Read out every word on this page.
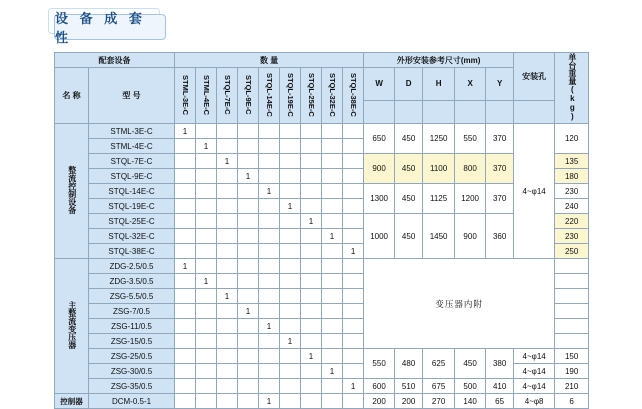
设 备 成 套 性
配套设备		数 量									外形安装参考尺寸(mm)					安装孔	单台重量(kg)
名 称	型 号	STML-3E-C	STML-4E-C	STQL-7E-C	STQL-9E-C	STQL-14E-C	STQL-19E-C	STQL-25E-C	STQL-32E-C	STQL-38E-C	W	D	H	X	Y		

整流控制设备	STML-3E-C	1									650	450	1250	550	370	4~φ14	120
	STML-4E-C		1														
	STQL-7E-C			1							900	450	1100	800	370		135
	STQL-9E-C				1												180
	STQL-14E-C					1					1300	450	1125	1200	370		230
	STQL-19E-C						1										240
	STQL-25E-C							1			1000	450	1450	900	360		220
	STQL-32E-C								1								230
	STQL-38E-C									1							250
主整流变压器	ZDG-2.5/0.5	1									变压器内附						
	ZDG-3.5/0.5		1														
	ZSG-5.5/0.5			1													
	ZSG-7/0.5				1												
	ZSG-11/0.5					1											
	ZSG-15/0.5						1										
	ZSG-25/0.5							1			550	480	625	450	380	4~φ14	150
	ZSG-30/0.5								1							4~φ14	190
	ZSG-35/0.5									1	600	510	675	500	410	4~φ14	210
控制器	DCM-0.5-1					1					200	200	270	140	65	4~φ8	6
